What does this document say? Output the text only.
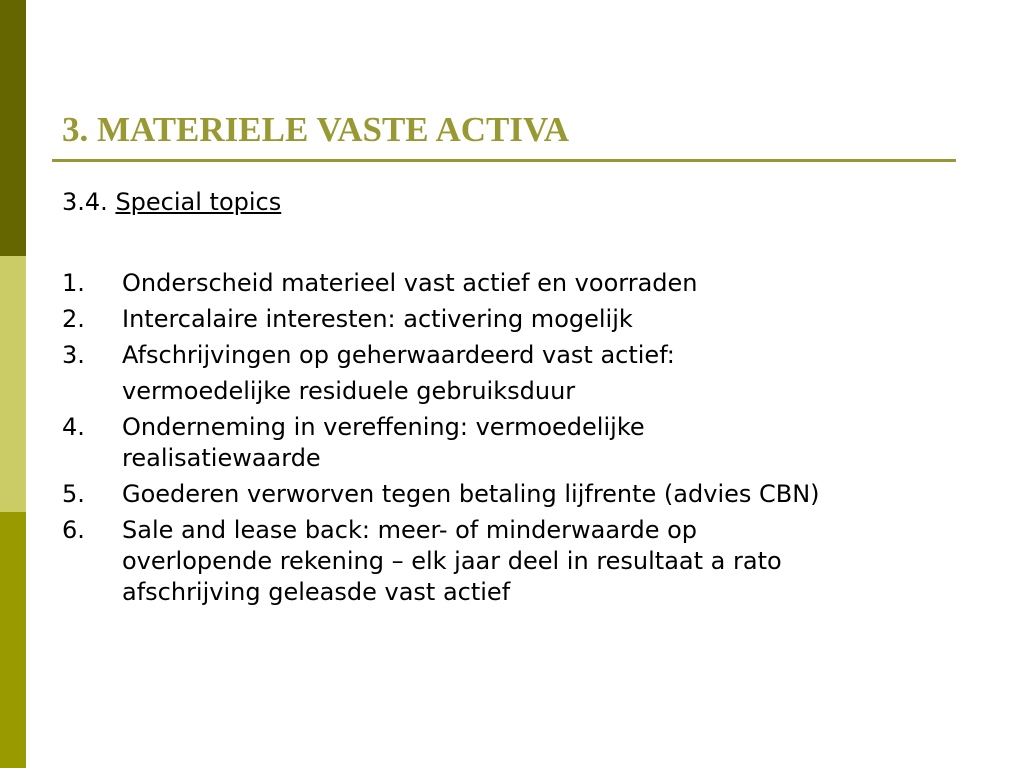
3. MATERIELE VASTE ACTIVA
3.4. Special topics
1.	Onderscheid materieel vast actief en voorraden
2.	Intercalaire interesten: activering mogelijk
3.	Afschrijvingen op geherwaardeerd vast actief:
vermoedelijke residuele gebruiksduur
4.	Onderneming in vereffening: vermoedelijke
realisatiewaarde
5.	Goederen verworven tegen betaling lijfrente (advies CBN)
6.	Sale and lease back: meer- of minderwaarde op
overlopende rekening – elk jaar deel in resultaat a rato
afschrijving geleasde vast actief
